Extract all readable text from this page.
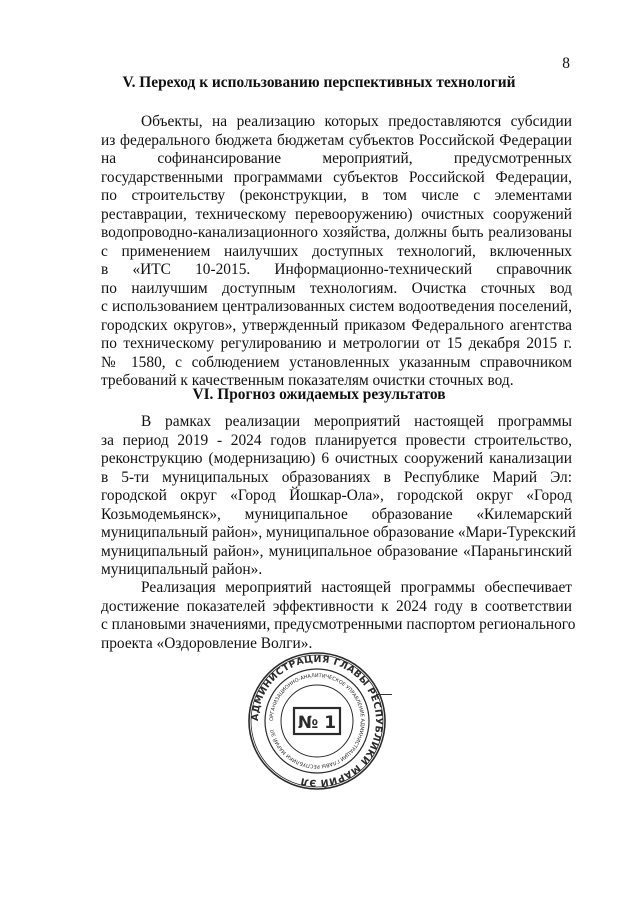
8
V. Переход к использованию перспективных технологий
Объекты, на реализацию которых предоставляются субсидии
из федерального бюджета бюджетам субъектов Российской Федерации
на софинансирование мероприятий, предусмотренных
государственными программами субъектов Российской Федерации,
по строительству (реконструкции, в том числе с элементами
реставрации, техническому перевооружению) очистных сооружений
водопроводно-канализационного хозяйства, должны быть реализованы
с применением наилучших доступных технологий, включенных
в «ИТС 10-2015. Информационно-технический справочник
по наилучшим доступным технологиям. Очистка сточных вод
с использованием централизованных систем водоотведения поселений,
городских округов», утвержденный приказом Федерального агентства
по техническому регулированию и метрологии от 15 декабря 2015 г.
№ 1580, с соблюдением установленных указанным справочником
требований к качественным показателям очистки сточных вод.
VI. Прогноз ожидаемых результатов
В рамках реализации мероприятий настоящей программы
за период 2019 - 2024 годов планируется провести строительство,
реконструкцию (модернизацию) 6 очистных сооружений канализации
в 5-ти муниципальных образованиях в Республике Марий Эл:
городской округ «Город Йошкар-Ола», городской округ «Город
Козьмодемьянск», муниципальное образование «Килемарский
муниципальный район», муниципальное образование «Мари-Турекский
муниципальный район», муниципальное образование «Параньгинский
муниципальный район».
Реализация мероприятий настоящей программы обеспечивает
достижение показателей эффективности к 2024 году в соответствии
с плановыми значениями, предусмотренными паспортом регионального
проекта «Оздоровление Волги».
АДМИНИСТРАЦИЯ ГЛАВЫ РЕСПУБЛИКИ МАРИЙ ЭЛ
ОРГАНИЗАЦИОННО-АНАЛИТИЧЕСКОЕ УПРАВЛЕНИЕ АДМИНИСТРАЦИИ ГЛАВЫ РЕСПУБЛИКИ МАРИЙ ЭЛ	№ 1
